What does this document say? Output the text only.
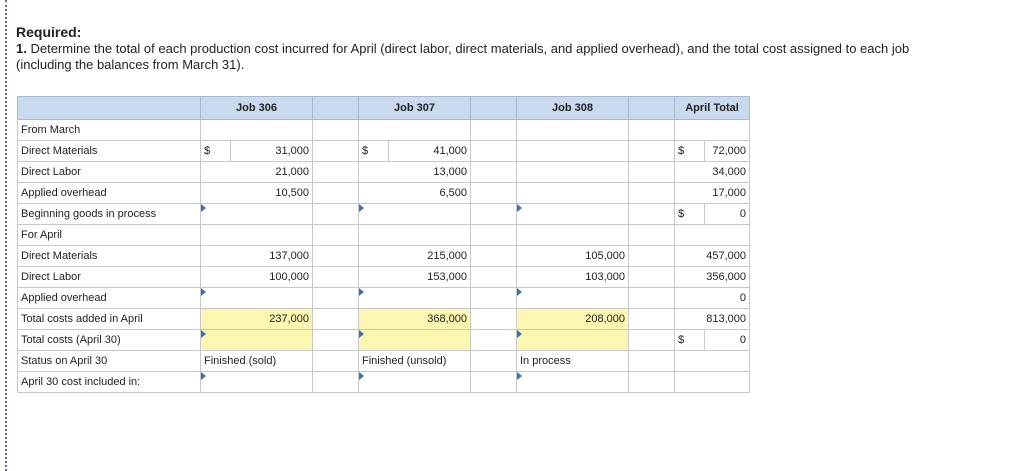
Required:
1. Determine the total of each production cost incurred for April (direct labor, direct materials, and applied overhead), and the total cost assigned to each job (including the balances from March 31).
	Job 306			Job 307			Job 308		April Total	
From March										
Direct Materials	$	31,000		$	41,000				$	72,000
Direct Labor	21,000			13,000					34,000	
Applied overhead	10,500			6,500					17,000	
Beginning goods in process									$	0
For April										
Direct Materials	137,000			215,000			105,000		457,000	
Direct Labor	100,000			153,000			103,000		356,000	
Applied overhead									0	
Total costs added in April	237,000			368,000			208,000		813,000	
Total costs (April 30)									$	0
Status on April 30	Finished (sold)			Finished (unsold)			In process			
April 30 cost included in:										
